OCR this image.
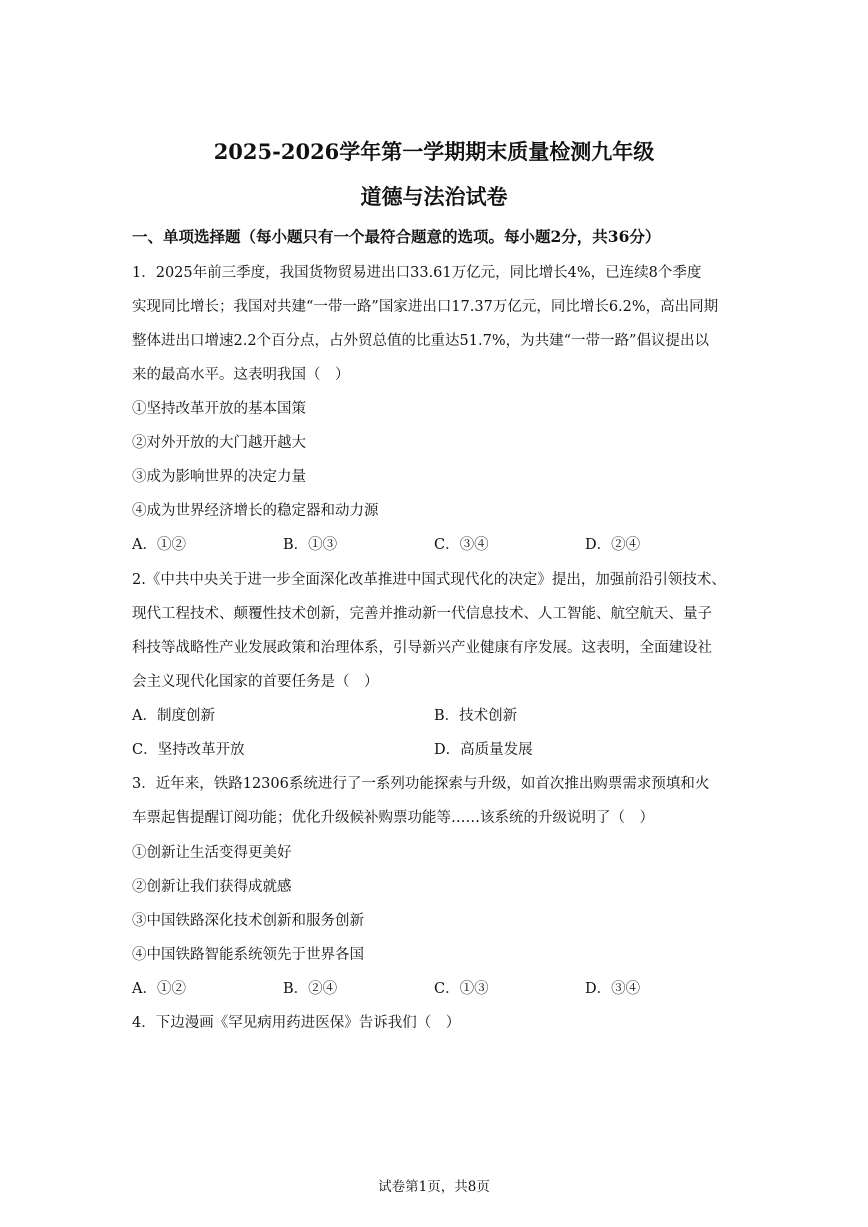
2025-2026学年第一学期期末质量检测九年级
道德与法治试卷
一、单项选择题（每小题只有一个最符合题意的选项。每小题2分，共36分）
1．2025年前三季度，我国货物贸易进出口33.61万亿元，同比增长4%，已连续8个季度
实现同比增长；我国对共建“一带一路”国家进出口17.37万亿元，同比增长6.2%，高出同期
整体进出口增速2.2个百分点，占外贸总值的比重达51.7%，为共建“一带一路”倡议提出以
来的最高水平。这表明我国（　）
①坚持改革开放的基本国策
②对外开放的大门越开越大
③成为影响世界的决定力量
④成为世界经济增长的稳定器和动力源
A．①②	B．①③	C．③④	D．②④
2.《中共中央关于进一步全面深化改革推进中国式现代化的决定》提出，加强前沿引领技术、
现代工程技术、颠覆性技术创新，完善并推动新一代信息技术、人工智能、航空航天、量子
科技等战略性产业发展政策和治理体系，引导新兴产业健康有序发展。这表明，全面建设社
会主义现代化国家的首要任务是（　）
A．制度创新	B．技术创新
C．坚持改革开放	D．高质量发展
3．近年来，铁路12306系统进行了一系列功能探索与升级，如首次推出购票需求预填和火
车票起售提醒订阅功能；优化升级候补购票功能等……该系统的升级说明了（　）
①创新让生活变得更美好
②创新让我们获得成就感
③中国铁路深化技术创新和服务创新
④中国铁路智能系统领先于世界各国
A．①②	B．②④	C．①③	D．③④
4．下边漫画《罕见病用药进医保》告诉我们（　）
试卷第1页，共8页
